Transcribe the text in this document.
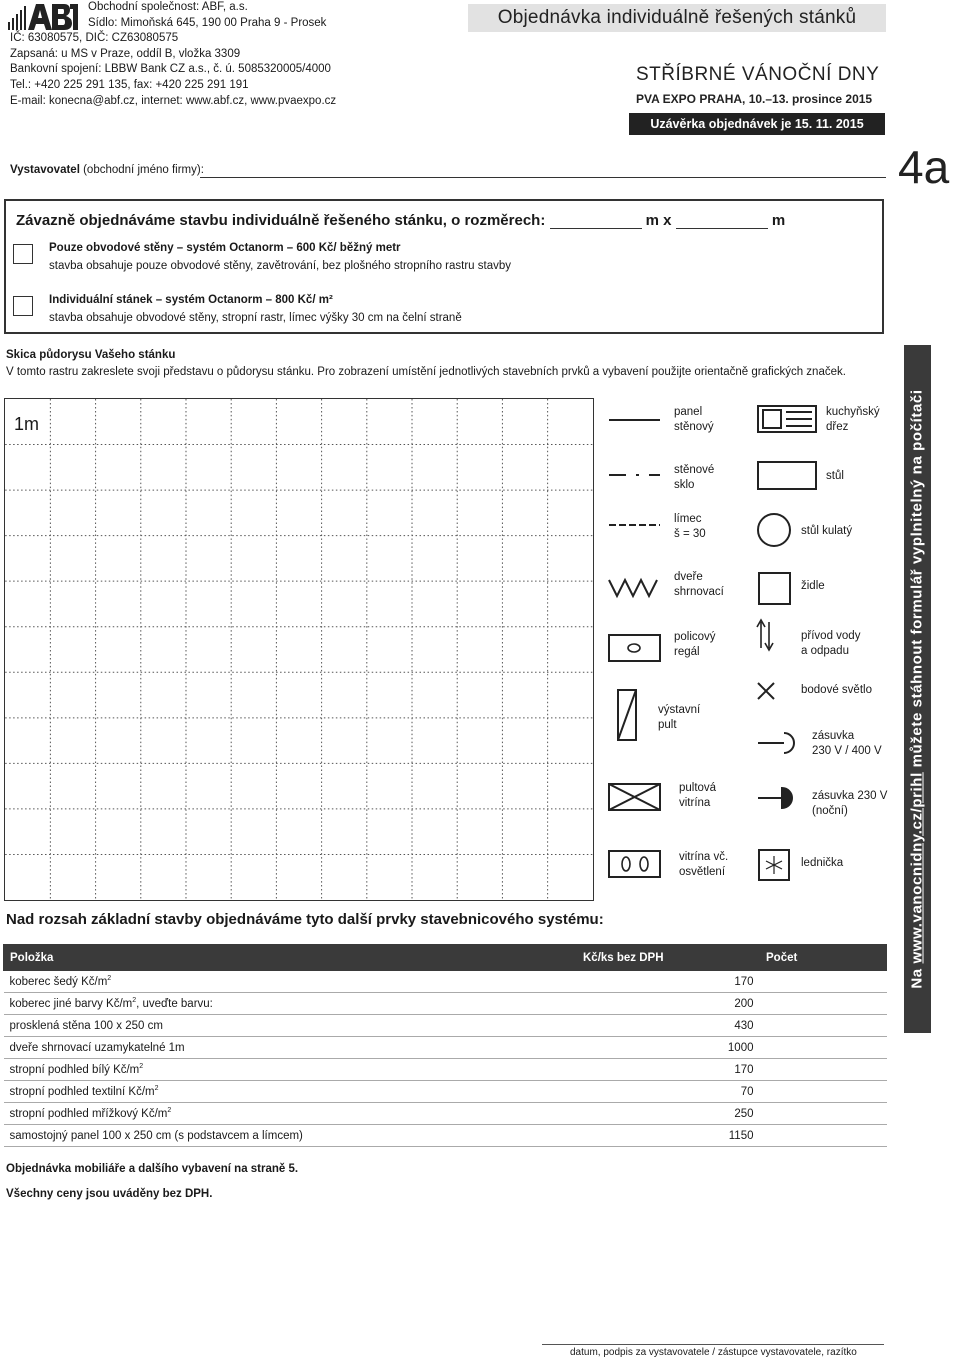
Obchodní společnost: ABF, a.s.
Sídlo: Mimoňská 645, 190 00 Praha 9 - Prosek
IČ: 63080575, DIČ: CZ63080575
Zapsaná: u MS v Praze, oddíl B, vložka 3309
Bankovní spojení: LBBW Bank CZ a.s., č. ú. 5085320005/4000
Tel.: +420 225 291 135, fax: +420 225 291 191
E-mail: konecna@abf.cz, internet: www.abf.cz, www.pvaexpo.cz
Objednávka individuálně řešených stánků
STŘÍBRNÉ VÁNOČNÍ DNY
PVA EXPO PRAHA, 10.–13. prosince 2015
Uzávěrka objednávek je 15. 11. 2015
4a
Vystavovatel (obchodní jméno firmy):
Závazně objednáváme stavbu individuálně řešeného stánku, o rozměrech:	m x	m
Pouze obvodové stěny – systém Octanorm – 600 Kč/ běžný metr
stavba obsahuje pouze obvodové stěny, zavětrování, bez plošného stropního rastru stavby
Individuální stánek – systém Octanorm – 800 Kč/ m²
stavba obsahuje obvodové stěny, stropní rastr, límec výšky 30 cm na čelní straně
Skica půdorysu Vašeho stánku
V tomto rastru zakreslete svoji představu o půdorysu stánku. Pro zobrazení umístění jednotlivých stavebních prvků a vybavení použijte orientačně grafických značek.
1m
panel
stěnový
stěnové
sklo
límec
š = 30
dveře
shrnovací
policový
regál
výstavní
pult
pultová
vitrína
vitrína vč.
osvětlení
kuchyňský
dřez
stůl
stůl kulatý
židle
přívod vody
a odpadu
bodové světlo
zásuvka
230 V / 400 V
zásuvka 230 V
(noční)
lednička
Nad rozsah základní stavby objednáváme tyto další prvky stavebnicového systému:
Položka	Kč/ks bez DPH	Počet
koberec šedý $Kč/m^2$	170	
koberec jiné barvy $Kč/m^2$, uveďte barvu:	200	
prosklená stěna 100 x 250 cm	430	
dveře shrnovací uzamykatelné 1m	1000	
stropní podhled bílý $Kč/m^2$	170	
stropní podhled textilní $Kč/m^2$	70	
stropní podhled mřížkový $Kč/m^2$	250	
samostojný panel 100 x 250 cm (s podstavcem a límcem)	1150	
Objednávka mobiliáře a dalšího vybavení na straně 5.
Všechny ceny jsou uváděny bez DPH.
datum, podpis za vystavovatele / zástupce vystavovatele, razítko
Na www.vanocnidny.cz/prihl můžete stáhnout formulář vyplnitelný na počítači
